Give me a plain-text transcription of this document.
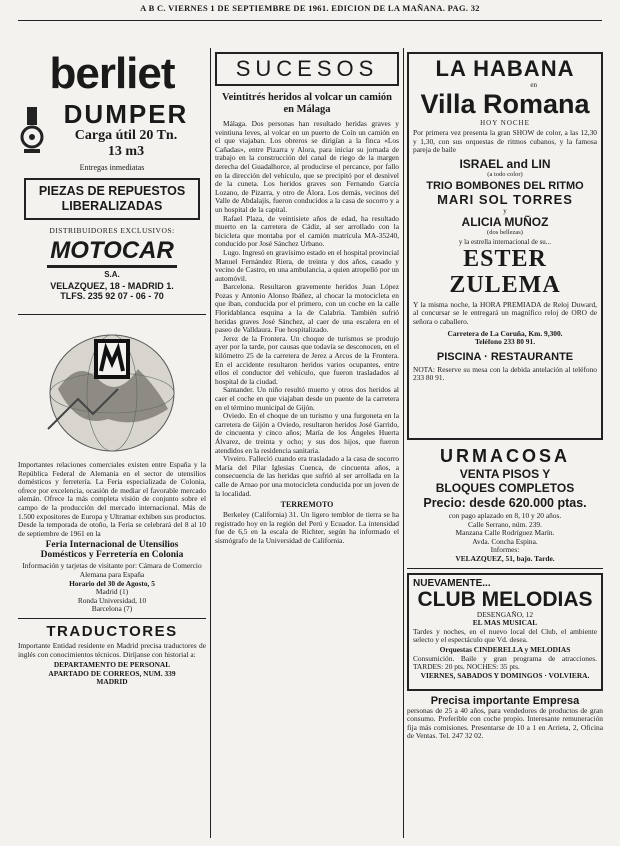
A B C. VIERNES 1 DE SEPTIEMBRE DE 1961. EDICION DE LA MAÑANA. PAG. 32
berliet
DUMPER
Carga útil 20 Tn.
13 m3
Entregas inmediatas
PIEZAS DE REPUESTOS
LIBERALIZADAS
DISTRIBUIDORES EXCLUSIVOS:
MOTOCAR
S.A.
VELAZQUEZ, 18 - MADRID 1.
TLFS. 235 92 07 - 06 - 70
Importantes relaciones comerciales existen entre España y la República Federal de Alemania en el sector de utensilios domésticos y ferretería. La Feria especializada de Colonia, ofrece por excelencia, ocasión de mediar el favorable mercado alemán. Ofrece la más completa visión de conjunto sobre el campo de la producción del mercado internacional. Más de 1.500 expositores de Europa y Ultramar exhiben sus productos. Desde la temporada de otoño, la Feria se celebrará del 8 al 10 de septiembre de 1961 en la
Feria Internacional de Utensilios
Domésticos y Ferretería en Colonia
Información y tarjetas de visitante por: Cámara de Comercio Alemana para España
Horario del 30 de Agosto, 5
Madrid (1)
Ronda Universidad, 10
Barcelona (7)
TRADUCTORES
Importante Entidad residente en Madrid precisa traductores de inglés con conocimientos técnicos. Diríjanse con historial a:
DEPARTAMENTO DE PERSONAL
APARTADO DE CORREOS, NUM. 339
MADRID
SUCESOS
Veintitrés heridos al volcar un camión en Málaga

Málaga. Dos personas han resultado heridas graves y veintiuna leves, al volcar en un puerto de Coín un camión en el que viajaban. Los obreros se dirigían a la finca «Los Cañadas», entre Pizarra y Alora, para iniciar su jornada de trabajo en la construcción del canal de riego de la margen derecha del Guadalhorce, al producirse el percance, por fallo en la dirección del vehículo, que se precipitó por el desnivel de la cuneta. Los heridos graves son Fernando García Lozano, de Pizarra, y otro de Álora. Los demás, vecinos del Valle de Abdalajís, fueron conducidos a la casa de socorro y a un hospital de la capital.

Rafael Plaza, de veintisiete años de edad, ha resultado muerto en la carretera de Cádiz, al ser arrollado con la bicicleta que montaba por el camión matrícula MA-35240, conducido por José Sánchez Urbano.

Lugo. Ingresó en gravísimo estado en el hospital provincial Manuel Fernández Riera, de treinta y dos años, casado y vecino de Castro, en una ambulancia, a quien atropelló por un automóvil.

Barcelona. Resultaron gravemente heridos Juan López Pozas y Antonio Alonso Ibáñez, al chocar la motocicleta en que iban, conducida por el primero, con un coche en la calle Floridablanca esquina a la de Calabria. También sufrió heridas graves José Sánchez, al caer de una escalera en el paseo de Valldaura. Fue hospitalizado.

Jerez de la Frontera. Un choque de turismos se produjo ayer por la tarde, por causas que todavía se desconocen, en el kilómetro 25 de la carretera de Jerez a Arcos de la Frontera. En el accidente resultaron heridos varios ocupantes, entre ellos el conductor del vehículo, que fueron trasladados al hospital de la ciudad.

Santander. Un niño resultó muerto y otros dos heridos al caer el coche en que viajaban desde un puente de la carretera en el término municipal de Gijón.

Oviedo. En el choque de un turismo y una furgoneta en la carretera de Gijón a Oviedo, resultaron heridos José Garrido, de cincuenta y cinco años; María de los Ángeles Huerta Álvarez, de treinta y ocho; y sus dos hijos, que fueron atendidos en la residencia sanitaria.

Viveiro. Falleció cuando era trasladado a la casa de socorro María del Pilar Iglesias Cuenca, de cincuenta años, a consecuencia de las heridas que sufrió al ser arrollada en la calle de Arnao por una motocicleta conducida por un joven de la localidad.

TERREMOTO

Berkeley (California) 31. Un ligero temblor de tierra se ha registrado hoy en la región del Perú y Ecuador. La intensidad fue de 6,5 en la escala de Richter, según ha informado el sismógrafo de la Universidad de California.

LA HABANA
en
Villa Romana
HOY NOCHE
Por primera vez presenta la gran SHOW de color, a las 12,30 y 1,30, con sus orquestas de ritmos cubanos, y la famosa pareja de baile
ISRAEL and LIN
(a todo color)
TRIO BOMBONES DEL RITMO
MARI SOL TORRES
y
ALICIA MUÑOZ
(dos bellezas)
y la estrella internacional de su...
ESTER ZULEMA
Y la misma noche, la HORA PREMIADA de Reloj Duward, al concursar se le entregará un magnífico reloj de ORO de señora o caballero.
Carretera de La Coruña, Km. 9,300.
Teléfono 233 80 91.
PISCINA · RESTAURANTE
NOTA: Reserve su mesa con la debida antelación al teléfono 233 80 91.
URMACOSA
VENTA PISOS Y
BLOQUES COMPLETOS
Precio: desde 620.000 ptas.
con pago aplazado en 8, 10 y 20 años.
Calle Serrano, núm. 239.
Manzana Calle Rodríguez Marín.
Avda. Concha Espina.
Informes:
VELAZQUEZ, 51, bajo. Tarde.
NUEVAMENTE...
CLUB MELODIAS
DESENGAÑO, 12
EL MAS MUSICAL
Tardes y noches, en el nuevo local del Club, el ambiente selecto y el espectáculo que Vd. desea.
Orquestas CINDERELLA y MELODIAS
Consumición. Baile y gran programa de atracciones. TARDES: 20 pts. NOCHES: 35 pts.
VIERNES, SABADOS Y DOMINGOS · VOLVIERA.
Precisa importante Empresa
personas de 25 a 40 años, para vendedores de productos de gran consumo. Preferible con coche propio. Interesante remuneración fija más comisiones. Presentarse de 10 a 1 en Arrieta, 2, Oficina de Ventas. Tel. 247 32 02.
